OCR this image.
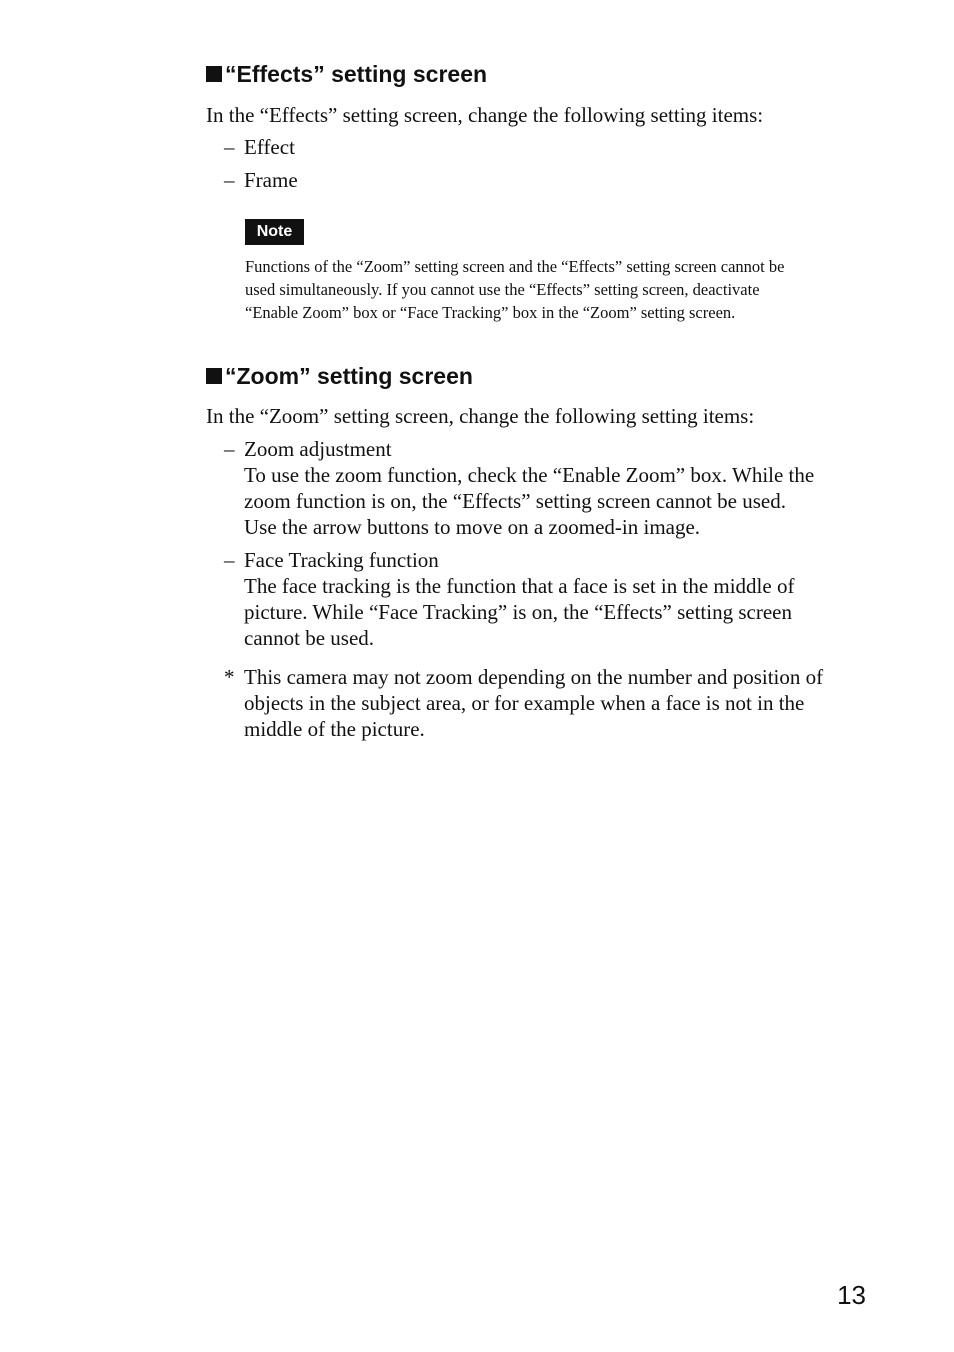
“Effects” setting screen

In the “Effects” setting screen, change the following setting items:

– Effect
– Frame
Note
Functions of the “Zoom” setting screen and the “Effects” setting screen cannot be
used simultaneously. If you cannot use the “Effects” setting screen, deactivate
“Enable Zoom” box or “Face Tracking” box in the “Zoom” setting screen.
“Zoom” setting screen

In the “Zoom” setting screen, change the following setting items:

– Zoom adjustment
To use the zoom function, check the “Enable Zoom” box. While the
zoom function is on, the “Effects” setting screen cannot be used.
Use the arrow buttons to move on a zoomed-in image.
– Face Tracking function
The face tracking is the function that a face is set in the middle of
picture. While “Face Tracking” is on, the “Effects” setting screen
cannot be used.
* This camera may not zoom depending on the number and position of
objects in the subject area, or for example when a face is not in the
middle of the picture.
13
